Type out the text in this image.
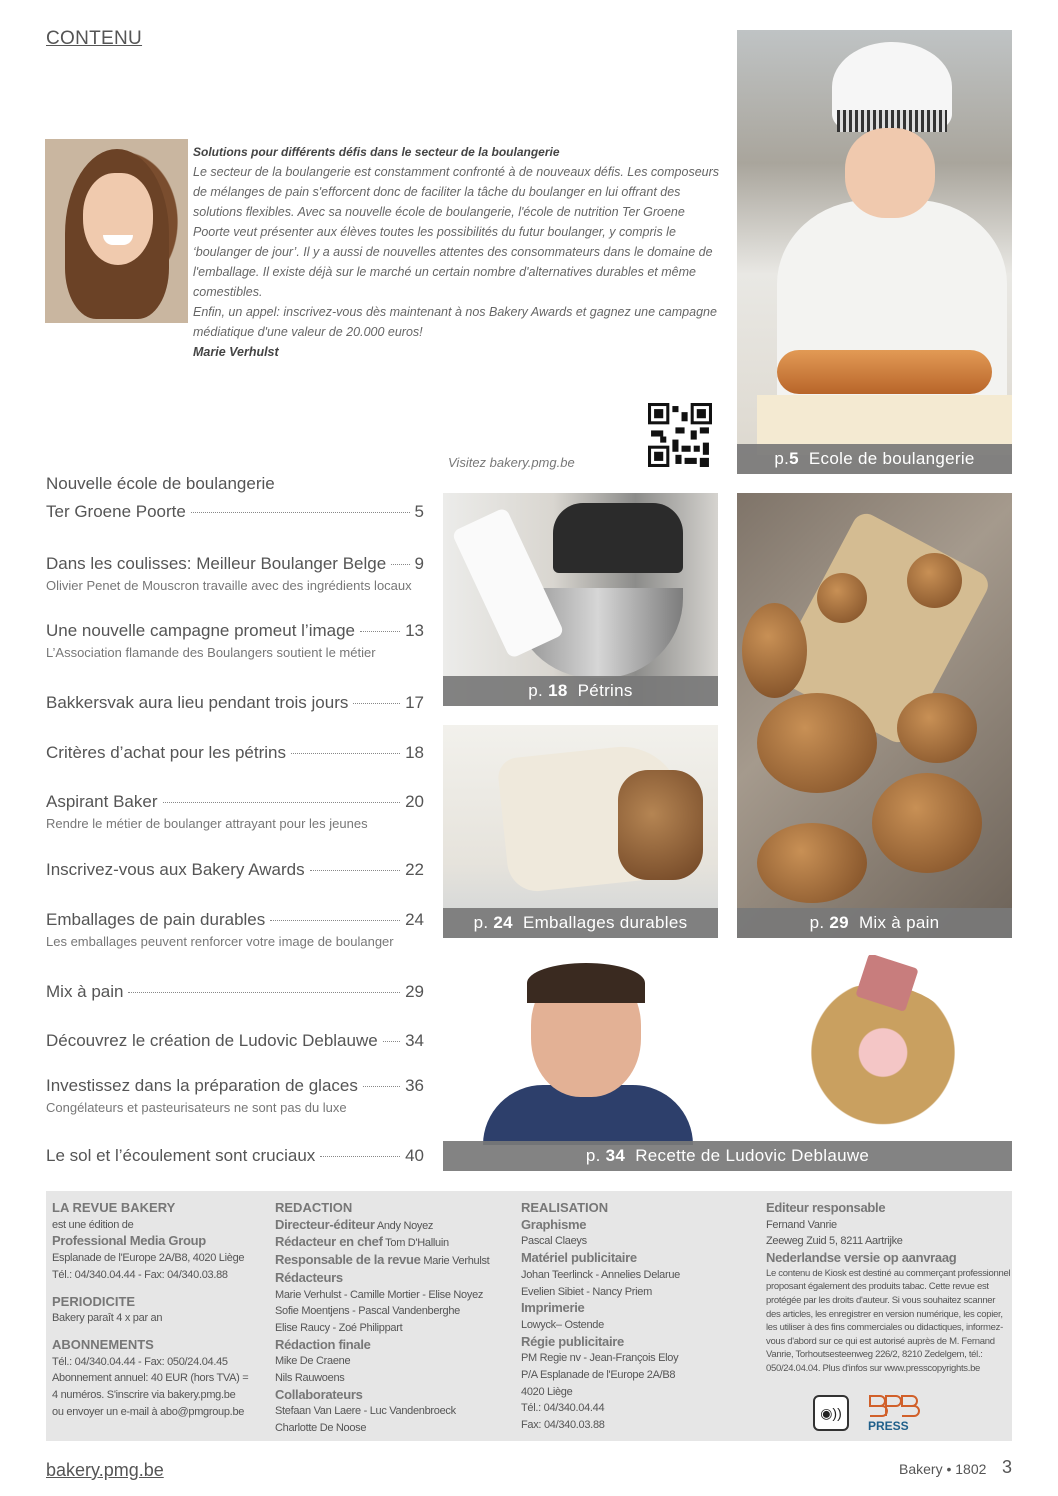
CONTENU
Solutions pour différents défis dans le secteur de la boulangerie
Le secteur de la boulangerie est constamment confronté à de nouveaux défis. Les composeurs de mélanges de pain s'efforcent donc de faciliter la tâche du boulanger en lui offrant des solutions flexibles. Avec sa nouvelle école de boulangerie, l'école de nutrition Ter Groene Poorte veut présenter aux élèves toutes les possibilités du futur boulanger, y compris le ‘boulanger de jour’. Il y a aussi de nouvelles attentes des consommateurs dans le domaine de l'emballage. Il existe déjà sur le marché un certain nombre d'alternatives durables et même comestibles.
Enfin, un appel: inscrivez-vous dès maintenant à nos Bakery Awards et gagnez une campagne médiatique d'une valeur de 20.000 euros!
Marie Verhulst
Visitez bakery.pmg.be	p.5 Ecole de boulangerie
p. 18 Pétrins
p. 24 Emballages durables	p. 29 Mix à pain
p. 34 Recette de Ludovic Deblauwe
Nouvelle école de boulangerie
Ter Groene Poorte	5
Dans les coulisses: Meilleur Boulanger Belge 9
Olivier Penet de Mouscron travaille avec des ingrédients locaux
Une nouvelle campagne promeut l’image	13
L’Association flamande des Boulangers soutient le métier
Bakkersvak aura lieu pendant trois jours	17
Critères d’achat pour les pétrins	18
Aspirant Baker	20
Rendre le métier de boulanger attrayant pour les jeunes
Inscrivez-vous aux Bakery Awards	22
Emballages de pain durables	24
Les emballages peuvent renforcer votre image de boulanger
Mix à pain	29
Découvrez le création de Ludovic Deblauwe 34
Investissez dans la préparation de glaces	36
Congélateurs et pasteurisateurs ne sont pas du luxe
Le sol et l’écoulement sont cruciaux	40
LA REVUE BAKERY
est une édition de
Professional Media Group
Esplanade de l'Europe 2A/B8, 4020 Liège
Tél.: 04/340.04.44 - Fax: 04/340.03.88
PERIODICITE
Bakery paraît 4 x par an
ABONNEMENTS
Tél.: 04/340.04.44 - Fax: 050/24.04.45
Abonnement annuel: 40 EUR (hors TVA) =
4 numéros. S'inscrire via bakery.pmg.be
ou envoyer un e-mail à abo@pmgroup.be
REDACTION
Directeur-éditeur Andy Noyez
Rédacteur en chef Tom D'Halluin
Responsable de la revue Marie Verhulst
Rédacteurs
Marie Verhulst - Camille Mortier - Elise Noyez
Sofie Moentjens - Pascal Vandenberghe
Elise Raucy - Zoé Philippart
Rédaction finale
Mike De Craene
Nils Rauwoens
Collaborateurs
Stefaan Van Laere - Luc Vandenbroeck
Charlotte De Noose
REALISATION
Graphisme
Pascal Claeys
Matériel publicitaire
Johan Teerlinck - Annelies Delarue
Evelien Sibiet - Nancy Priem
Imprimerie
Lowyck– Ostende
Régie publicitaire
PM Regie nv - Jean-François Eloy
P/A Esplanade de l'Europe 2A/B8
4020 Liège
Tél.: 04/340.04.44
Fax: 04/340.03.88
Editeur responsable
Fernand Vanrie
Zeeweg Zuid 5, 8211 Aartrijke
Nederlandse versie op aanvraag
Le contenu de Kiosk est destiné au commerçant professionnel proposant également des produits tabac. Cette revue est protégée par les droits d'auteur. Si vous souhaitez scanner des articles, les enregistrer en version numérique, les copier, les utiliser à des fins commerciales ou didactiques, informez-vous d'abord sur ce qui est autorisé auprès de M. Fernand Vanrie, Torhoutsesteenweg 226/2, 8210 Zedelgem, tél.: 050/24.04.04. Plus d'infos sur www.presscopyrights.be
◉))
PRESS
bakery.pmg.be	Bakery • 1802 3
